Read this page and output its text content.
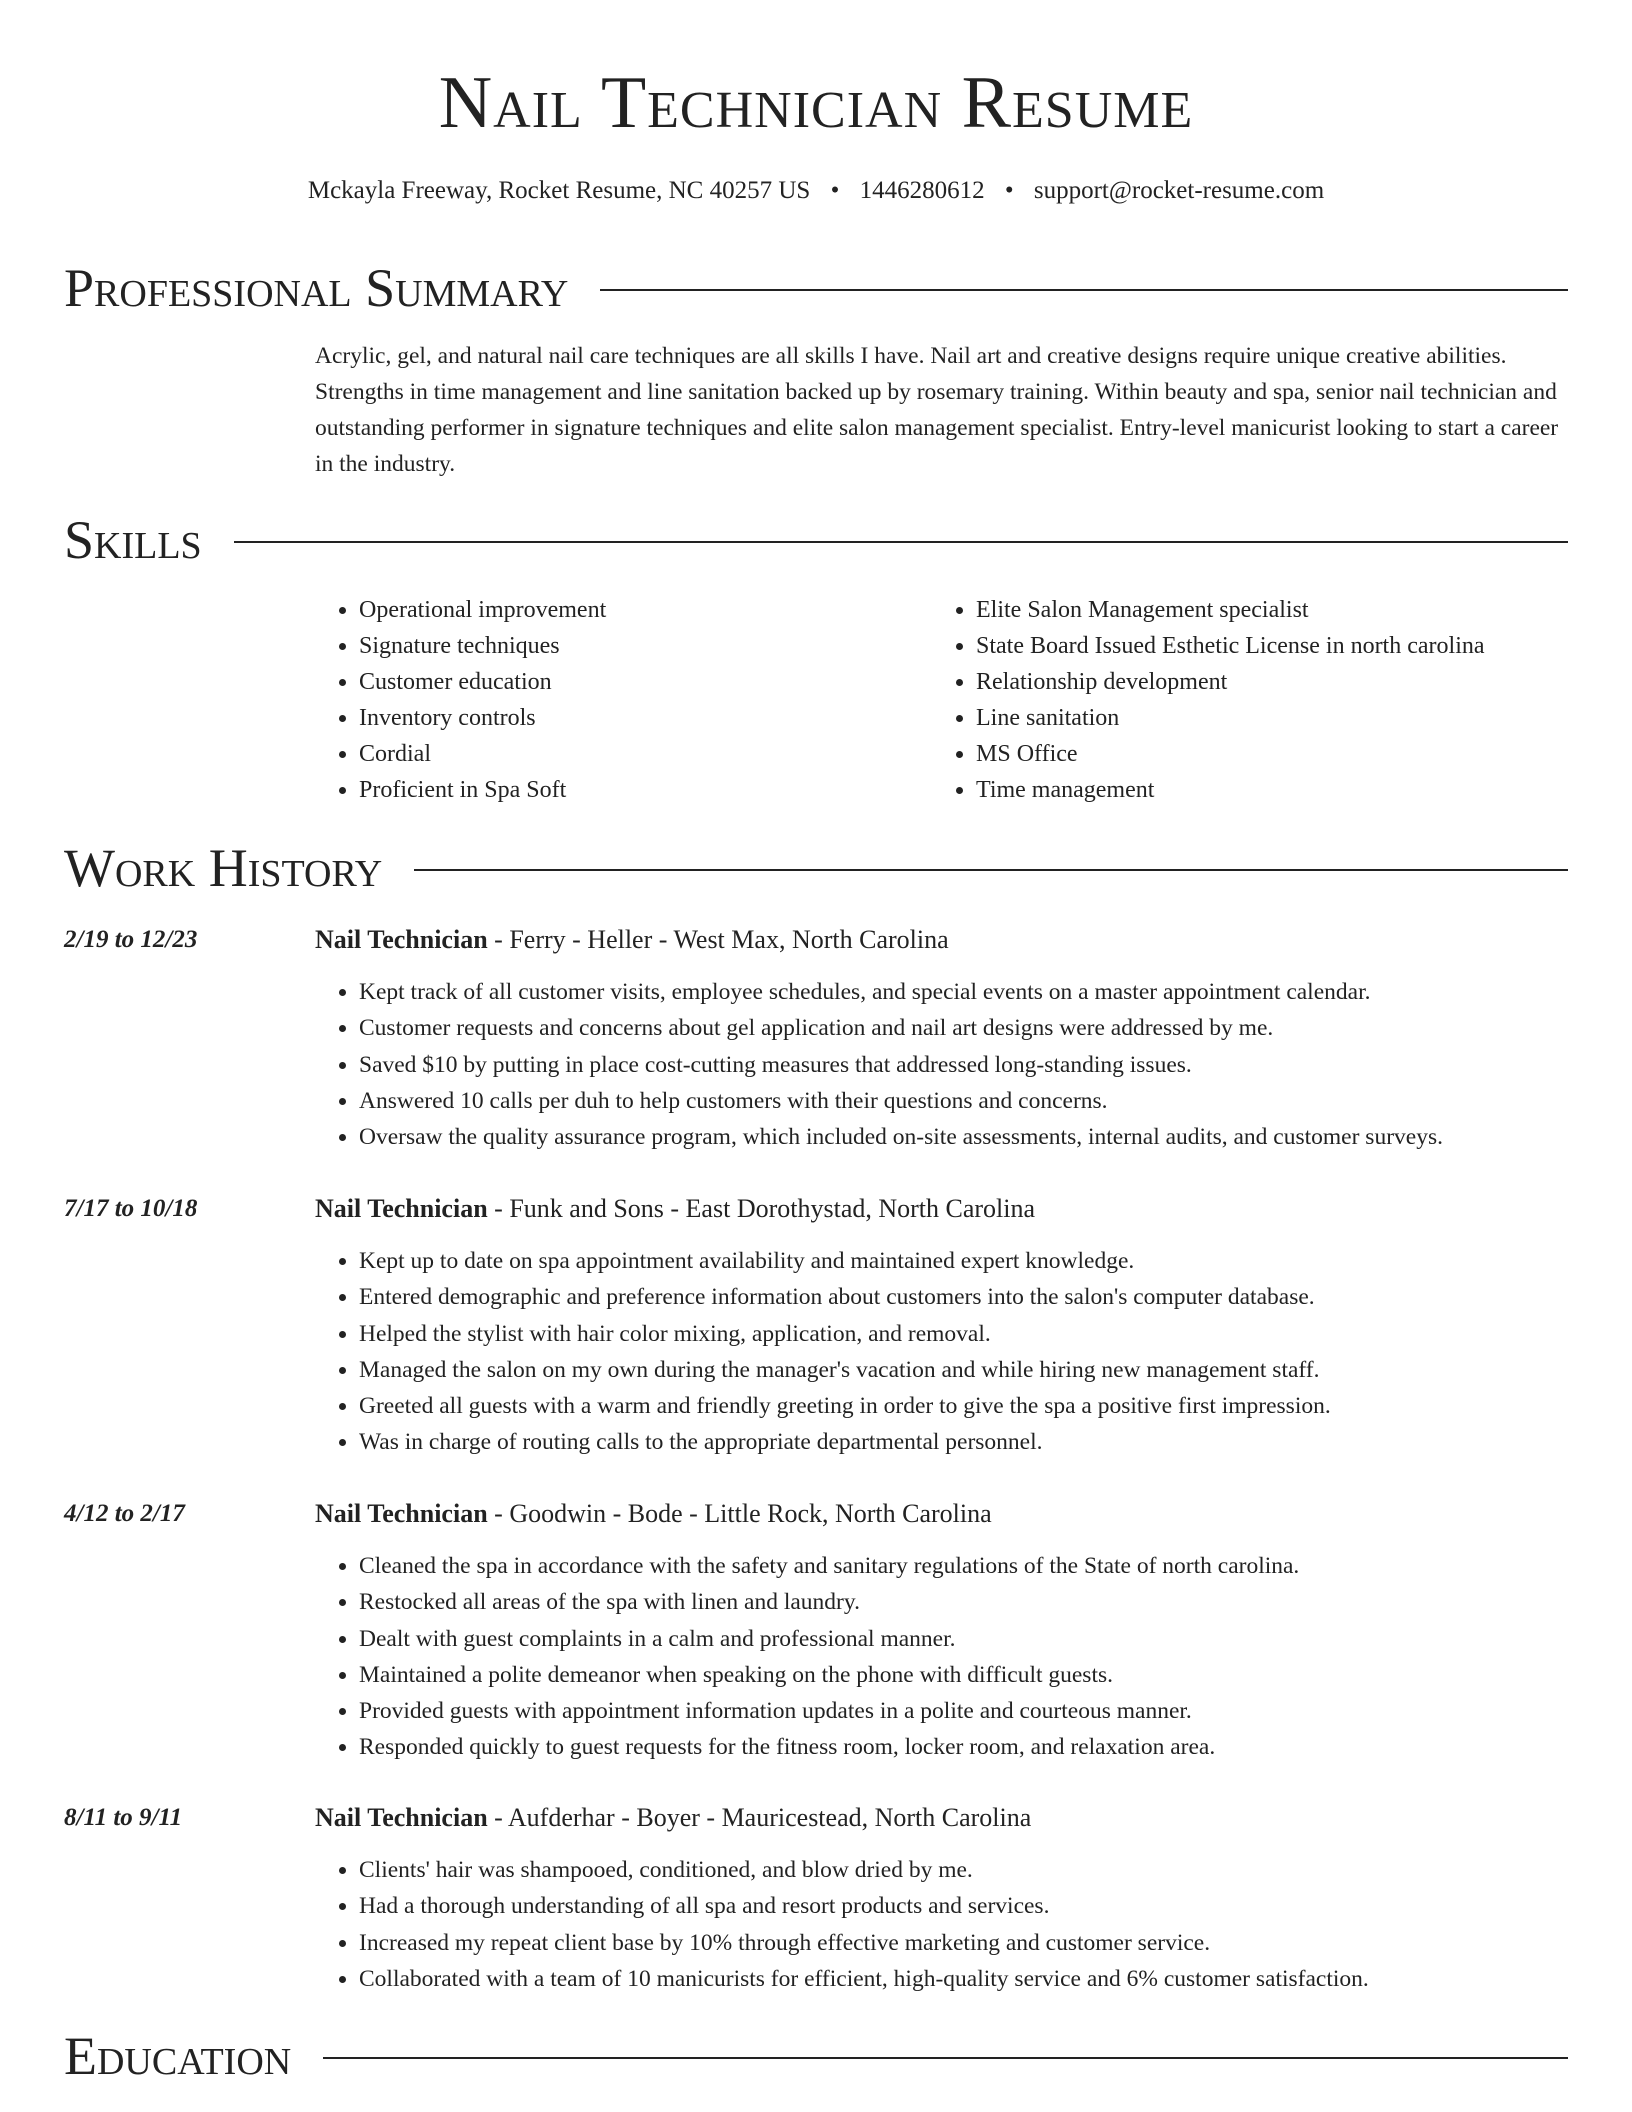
Nail Technician Resume
Mckayla Freeway, Rocket Resume, NC 40257 US • 1446280612 • support@rocket-resume.com
Professional Summary

Acrylic, gel, and natural nail care techniques are all skills I have. Nail art and creative designs require unique creative abilities. Strengths in time management and line sanitation backed up by rosemary training. Within beauty and spa, senior nail technician and outstanding performer in signature techniques and elite salon management specialist. Entry-level manicurist looking to start a career in the industry.

Skills
• Operational improvement
• Signature techniques
• Customer education
• Inventory controls
• Cordial
• Proficient in Spa Soft
• Elite Salon Management specialist
• State Board Issued Esthetic License in north carolina
• Relationship development
• Line sanitation
• MS Office
• Time management
Work History
2/19 to 12/23	Nail Technician - Ferry - Heller - West Max, North Carolina
• Kept track of all customer visits, employee schedules, and special events on a master appointment calendar.
• Customer requests and concerns about gel application and nail art designs were addressed by me.
• Saved $10 by putting in place cost-cutting measures that addressed long-standing issues.
• Answered 10 calls per duh to help customers with their questions and concerns.
• Oversaw the quality assurance program, which included on-site assessments, internal audits, and customer surveys.
7/17 to 10/18	Nail Technician - Funk and Sons - East Dorothystad, North Carolina
• Kept up to date on spa appointment availability and maintained expert knowledge.
• Entered demographic and preference information about customers into the salon's computer database.
• Helped the stylist with hair color mixing, application, and removal.
• Managed the salon on my own during the manager's vacation and while hiring new management staff.
• Greeted all guests with a warm and friendly greeting in order to give the spa a positive first impression.
• Was in charge of routing calls to the appropriate departmental personnel.
4/12 to 2/17	Nail Technician - Goodwin - Bode - Little Rock, North Carolina
• Cleaned the spa in accordance with the safety and sanitary regulations of the State of north carolina.
• Restocked all areas of the spa with linen and laundry.
• Dealt with guest complaints in a calm and professional manner.
• Maintained a polite demeanor when speaking on the phone with difficult guests.
• Provided guests with appointment information updates in a polite and courteous manner.
• Responded quickly to guest requests for the fitness room, locker room, and relaxation area.
8/11 to 9/11	Nail Technician - Aufderhar - Boyer - Mauricestead, North Carolina
• Clients' hair was shampooed, conditioned, and blow dried by me.
• Had a thorough understanding of all spa and resort products and services.
• Increased my repeat client base by 10% through effective marketing and customer service.
• Collaborated with a team of 10 manicurists for efficient, high-quality service and 6% customer satisfaction.
Education
